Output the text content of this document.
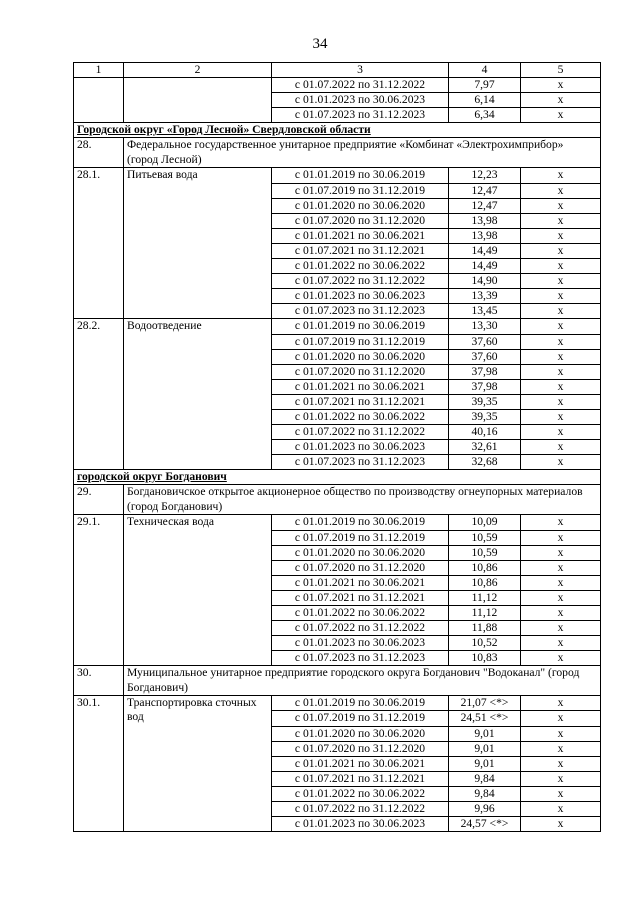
34
1	2	3	4	5
		с 01.07.2022 по 31.12.2022	7,97	х
		с 01.01.2023 по 30.06.2023	6,14	х
		с 01.07.2023 по 31.12.2023	6,34	х
Городской округ «Город Лесной» Свердловской области				
28.	Федеральное государственное унитарное предприятие «Комбинат «Электрохимприбор» (город Лесной)			
28.1.	Питьевая вода	с 01.01.2019 по 30.06.2019	12,23	х
		с 01.07.2019 по 31.12.2019	12,47	х
		с 01.01.2020 по 30.06.2020	12,47	х
		с 01.07.2020 по 31.12.2020	13,98	х
		с 01.01.2021 по 30.06.2021	13,98	х
		с 01.07.2021 по 31.12.2021	14,49	х
		с 01.01.2022 по 30.06.2022	14,49	х
		с 01.07.2022 по 31.12.2022	14,90	х
		с 01.01.2023 по 30.06.2023	13,39	х
		с 01.07.2023 по 31.12.2023	13,45	х
28.2.	Водоотведение	с 01.01.2019 по 30.06.2019	13,30	х
		с 01.07.2019 по 31.12.2019	37,60	х
		с 01.01.2020 по 30.06.2020	37,60	х
		с 01.07.2020 по 31.12.2020	37,98	х
		с 01.01.2021 по 30.06.2021	37,98	х
		с 01.07.2021 по 31.12.2021	39,35	х
		с 01.01.2022 по 30.06.2022	39,35	х
		с 01.07.2022 по 31.12.2022	40,16	х
		с 01.01.2023 по 30.06.2023	32,61	х
		с 01.07.2023 по 31.12.2023	32,68	х
городской округ Богданович				
29.	Богдановичское открытое акционерное общество по производству огнеупорных материалов (город Богданович)			
29.1.	Техническая вода	с 01.01.2019 по 30.06.2019	10,09	х
		с 01.07.2019 по 31.12.2019	10,59	х
		с 01.01.2020 по 30.06.2020	10,59	х
		с 01.07.2020 по 31.12.2020	10,86	х
		с 01.01.2021 по 30.06.2021	10,86	х
		с 01.07.2021 по 31.12.2021	11,12	х
		с 01.01.2022 по 30.06.2022	11,12	х
		с 01.07.2022 по 31.12.2022	11,88	х
		с 01.01.2023 по 30.06.2023	10,52	х
		с 01.07.2023 по 31.12.2023	10,83	х
30.	Муниципальное унитарное предприятие городского округа Богданович "Водоканал" (город Богданович)			
30.1.	Транспортировка сточных вод	с 01.01.2019 по 30.06.2019	21,07 <*>	х
		с 01.07.2019 по 31.12.2019	24,51 <*>	х
		с 01.01.2020 по 30.06.2020	9,01	х
		с 01.07.2020 по 31.12.2020	9,01	х
		с 01.01.2021 по 30.06.2021	9,01	х
		с 01.07.2021 по 31.12.2021	9,84	х
		с 01.01.2022 по 30.06.2022	9,84	х
		с 01.07.2022 по 31.12.2022	9,96	х
		с 01.01.2023 по 30.06.2023	24,57 <*>	х
